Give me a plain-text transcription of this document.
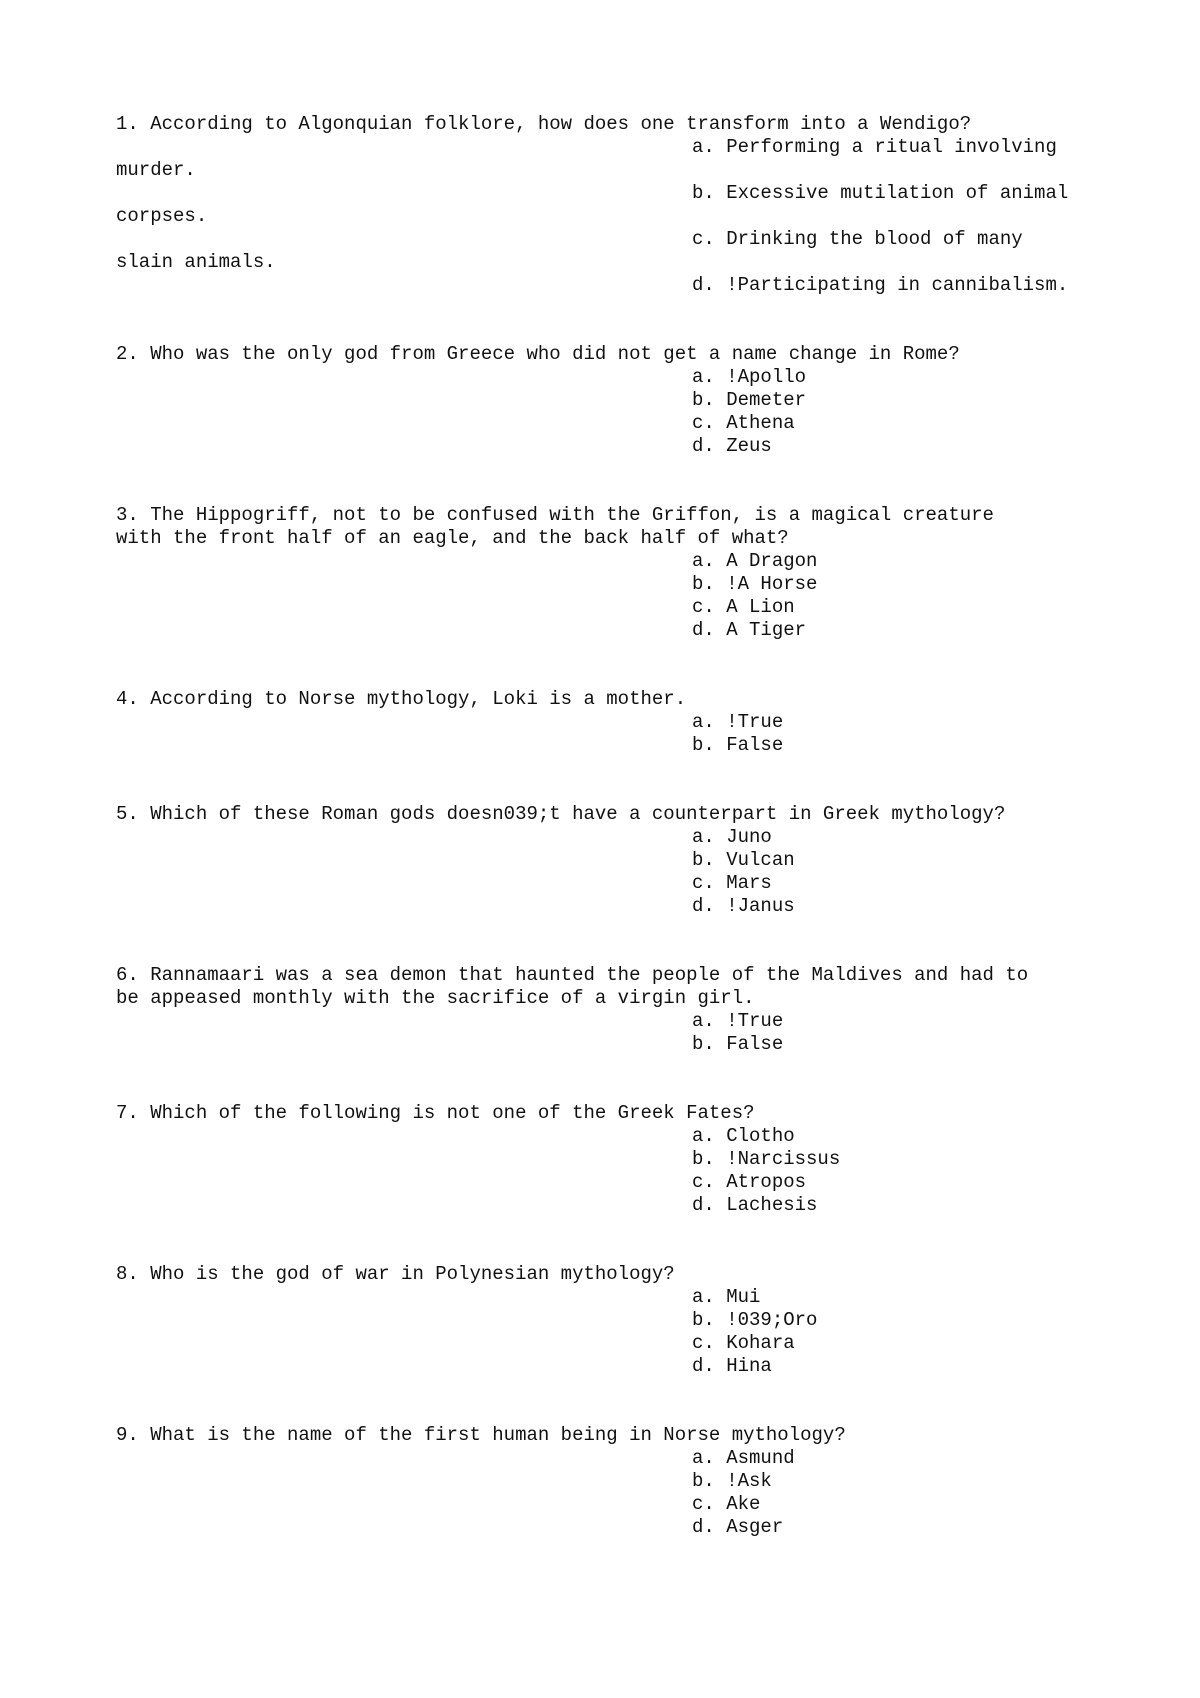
1. According to Algonquian folklore, how does one transform into a Wendigo?
a. Performing a ritual involving
murder.
b. Excessive mutilation of animal
corpses.
c. Drinking the blood of many
slain animals.
d. !Participating in cannibalism.
2. Who was the only god from Greece who did not get a name change in Rome?
a. !Apollo
b. Demeter
c. Athena
d. Zeus
3. The Hippogriff, not to be confused with the Griffon, is a magical creature
with the front half of an eagle, and the back half of what?
a. A Dragon
b. !A Horse
c. A Lion
d. A Tiger
4. According to Norse mythology, Loki is a mother.
a. !True
b. False
5. Which of these Roman gods doesn039;t have a counterpart in Greek mythology?
a. Juno
b. Vulcan
c. Mars
d. !Janus
6. Rannamaari was a sea demon that haunted the people of the Maldives and had to
be appeased monthly with the sacrifice of a virgin girl.
a. !True
b. False
7. Which of the following is not one of the Greek Fates?
a. Clotho
b. !Narcissus
c. Atropos
d. Lachesis
8. Who is the god of war in Polynesian mythology?
a. Mui
b. !039;Oro
c. Kohara
d. Hina
9. What is the name of the first human being in Norse mythology?
a. Asmund
b. !Ask
c. Ake
d. Asger
